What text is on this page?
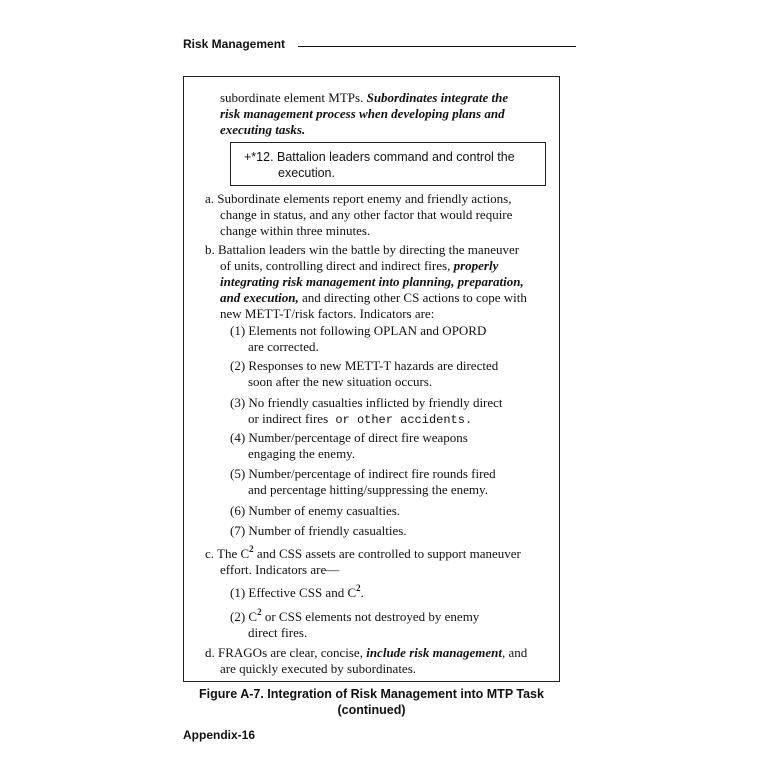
Risk Management
subordinate element MTPs. Subordinates integrate the
risk management process when developing plans and
executing tasks.
+*12. Battalion leaders command and control the
execution.
a. Subordinate elements report enemy and friendly actions,
change in status, and any other factor that would require
change within three minutes.
b. Battalion leaders win the battle by directing the maneuver
of units, controlling direct and indirect fires, properly
integrating risk management into planning, preparation,
and execution, and directing other CS actions to cope with
new METT-T/risk factors. Indicators are:
(1) Elements not following OPLAN and OPORD
are corrected.
(2) Responses to new METT-T hazards are directed
soon after the new situation occurs.
(3) No friendly casualties inflicted by friendly direct
or indirect fires or other accidents.
(4) Number/percentage of direct fire weapons
engaging the enemy.
(5) Number/percentage of indirect fire rounds fired
and percentage hitting/suppressing the enemy.
(6) Number of enemy casualties.
(7) Number of friendly casualties.
c. The $C^2$ and CSS assets are controlled to support maneuver
effort. Indicators are—
(1) Effective CSS and $C^2$.
(2) $C^2$ or CSS elements not destroyed by enemy
direct fires.
d. FRAGOs are clear, concise, include risk management, and
are quickly executed by subordinates.
Figure A-7. Integration of Risk Management into MTP Task
(continued)
Appendix-16
